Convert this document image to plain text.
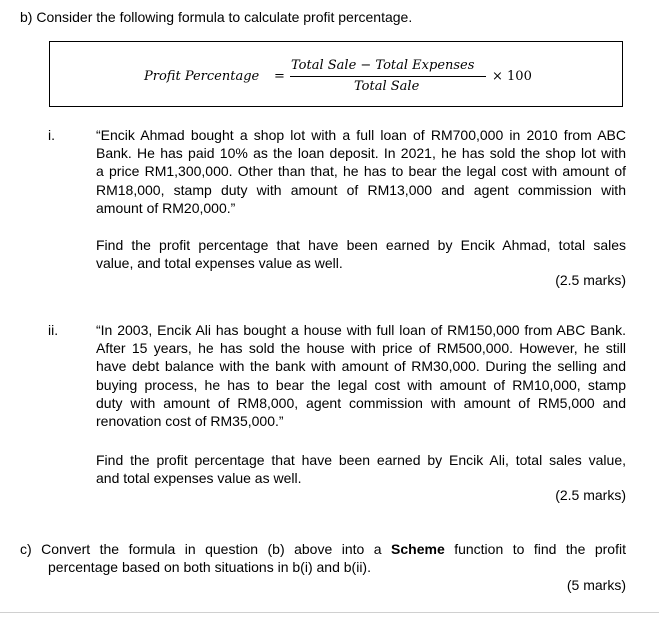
b) Consider the following formula to calculate profit percentage.
Profit Percentage =
Total Sale − Total Expenses
Total Sale
× 100
i.	“Encik Ahmad bought a shop lot with a full loan of RM700,000 in 2010 from ABC
Bank. He has paid 10% as the loan deposit. In 2021, he has sold the shop lot with
a price RM1,300,000. Other than that, he has to bear the legal cost with amount of
RM18,000, stamp duty with amount of RM13,000 and agent commission with
amount of RM20,000.”
Find the profit percentage that have been earned by Encik Ahmad, total sales
value, and total expenses value as well.
(2.5 marks)
ii.	“In 2003, Encik Ali has bought a house with full loan of RM150,000 from ABC Bank.
After 15 years, he has sold the house with price of RM500,000. However, he still
have debt balance with the bank with amount of RM30,000. During the selling and
buying process, he has to bear the legal cost with amount of RM10,000, stamp
duty with amount of RM8,000, agent commission with amount of RM5,000 and
renovation cost of RM35,000.”
Find the profit percentage that have been earned by Encik Ali, total sales value,
and total expenses value as well.
(2.5 marks)
c) Convert the formula in question (b) above into a Scheme function to find the profit
percentage based on both situations in b(i) and b(ii).
(5 marks)
